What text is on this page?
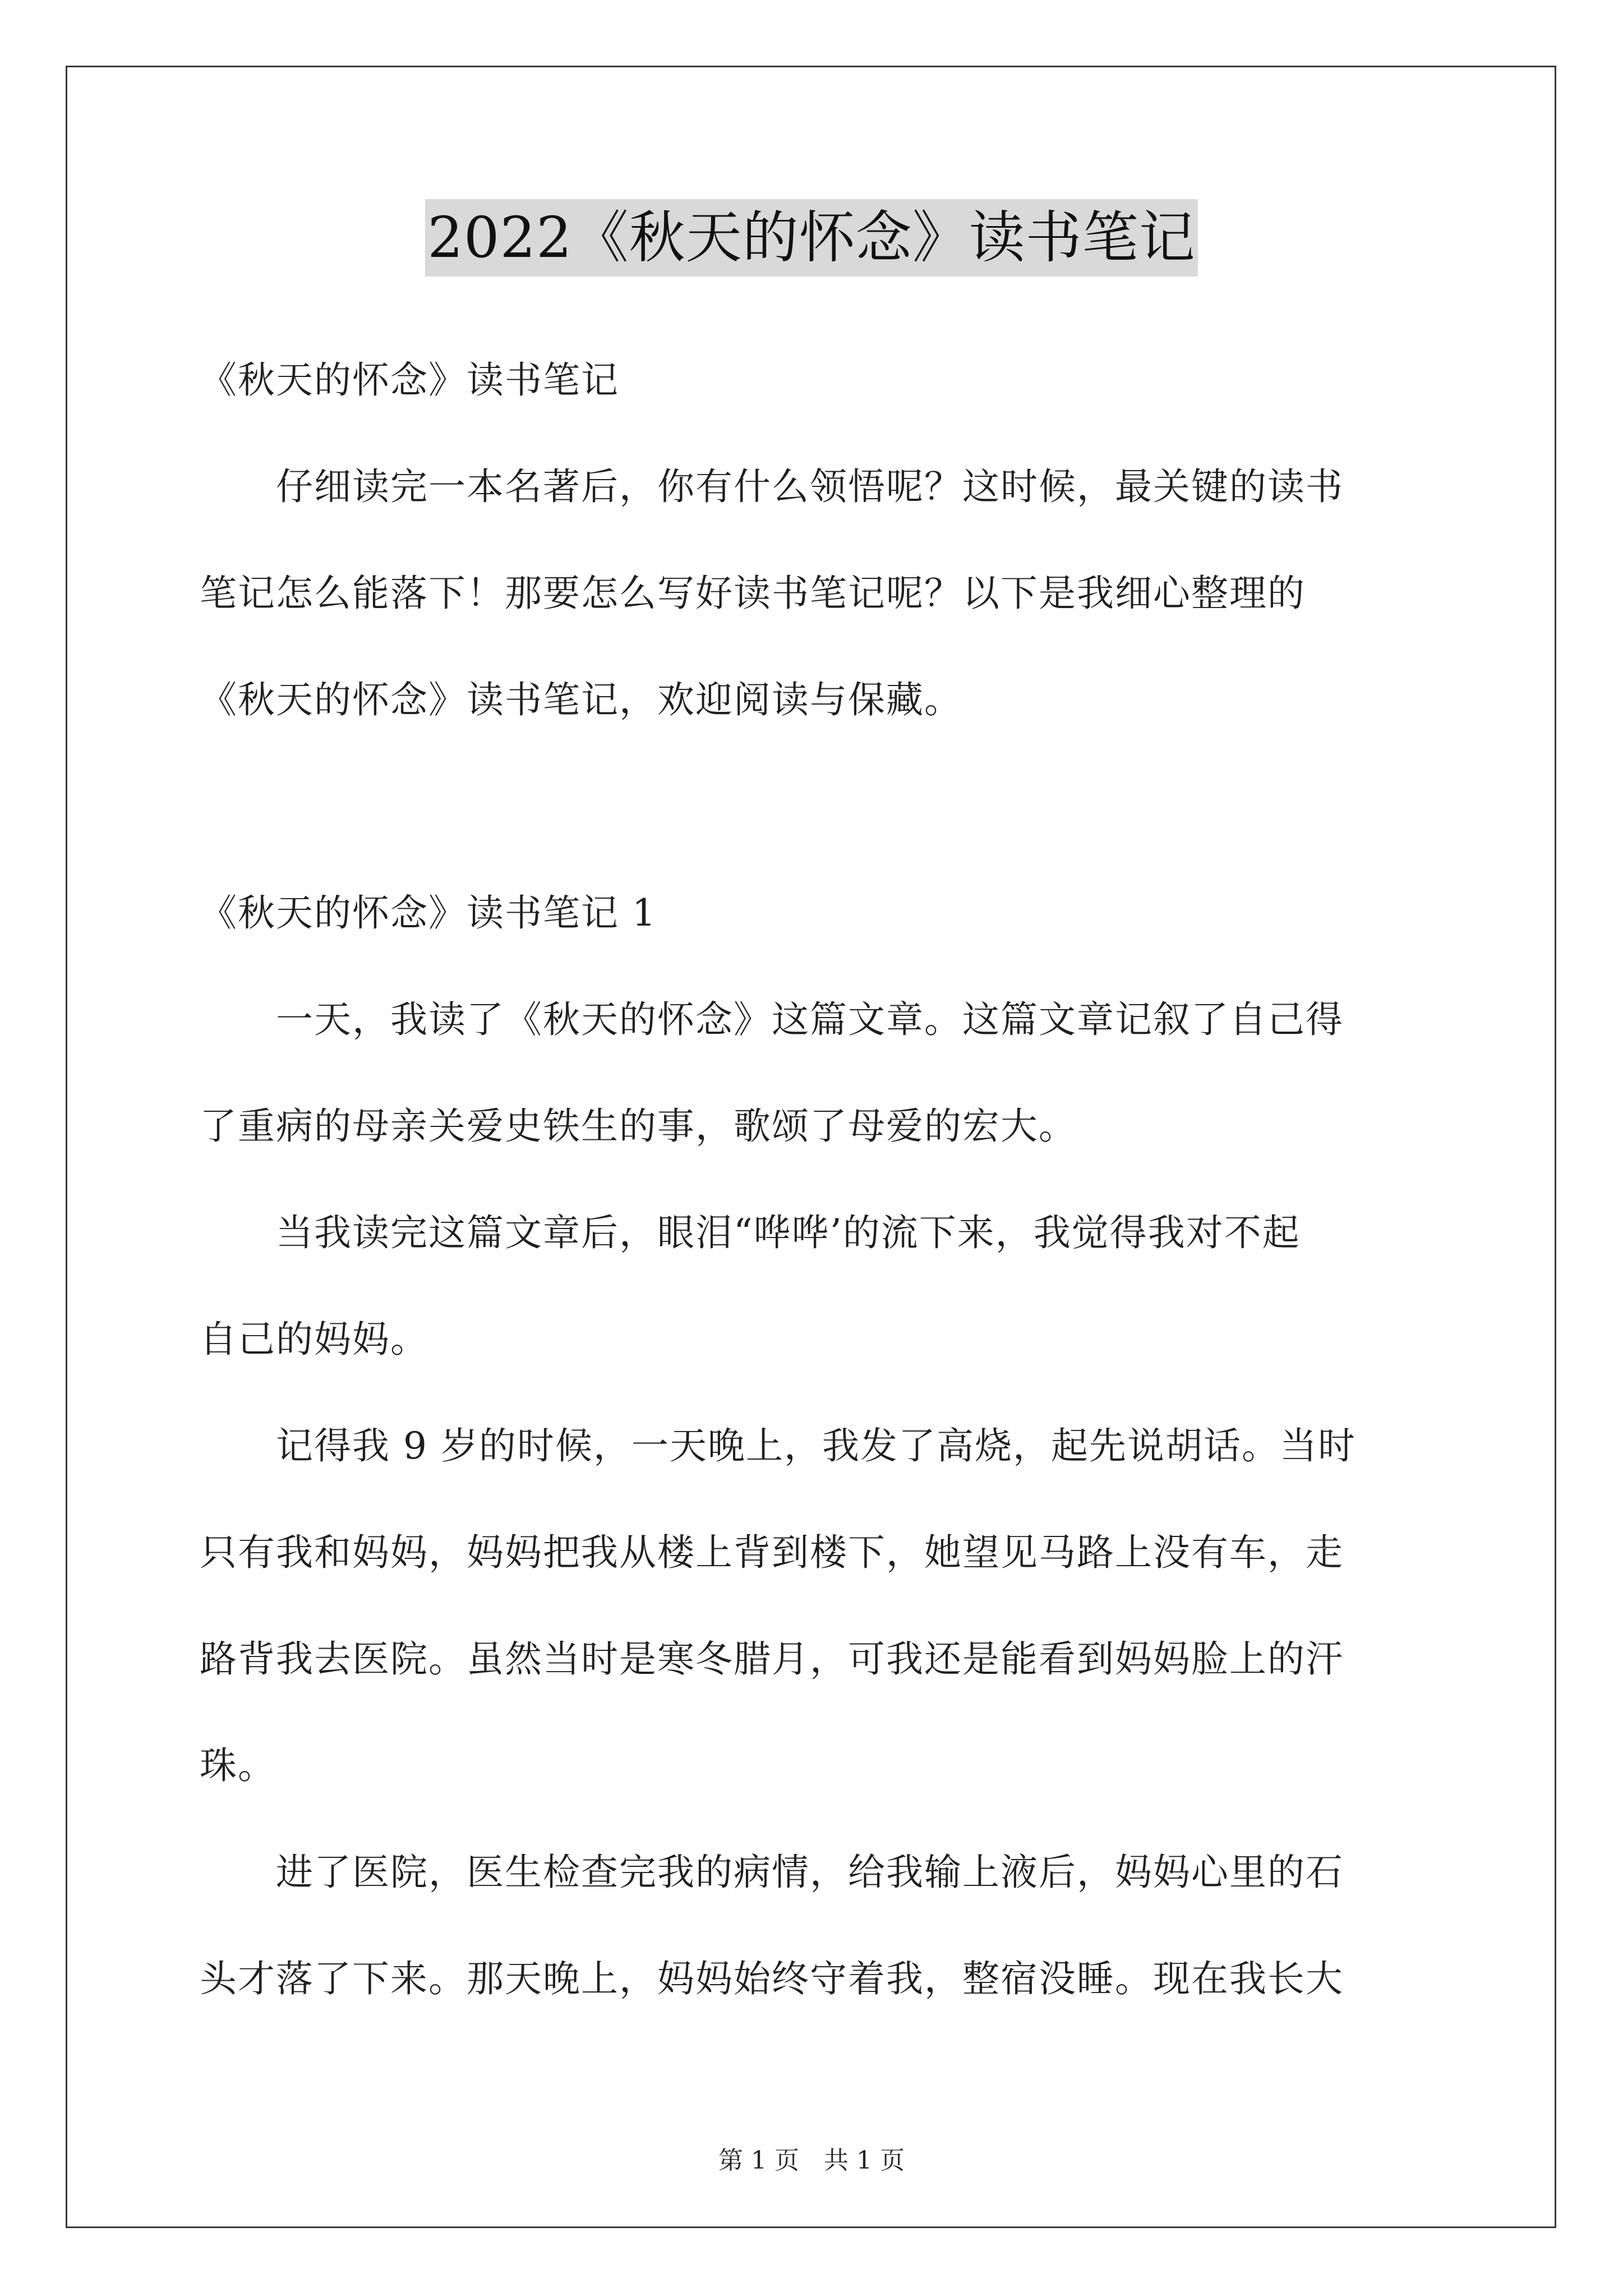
2022《秋天的怀念》读书笔记
《秋天的怀念》读书笔记
　　仔细读完一本名著后，你有什么领悟呢？这时候，最关键的读书
笔记怎么能落下！那要怎么写好读书笔记呢？以下是我细心整理的
《秋天的怀念》读书笔记，欢迎阅读与保藏。
《秋天的怀念》读书笔记 1
　　一天，我读了《秋天的怀念》这篇文章。这篇文章记叙了自己得
了重病的母亲关爱史铁生的事，歌颂了母爱的宏大。
　　当我读完这篇文章后，眼泪“哗哗’的流下来，我觉得我对不起
自己的妈妈。
　　记得我 9 岁的时候，一天晚上，我发了高烧，起先说胡话。当时
只有我和妈妈，妈妈把我从楼上背到楼下，她望见马路上没有车，走
路背我去医院。虽然当时是寒冬腊月，可我还是能看到妈妈脸上的汗
珠。
　　进了医院，医生检查完我的病情，给我输上液后，妈妈心里的石
头才落了下来。那天晚上，妈妈始终守着我，整宿没睡。现在我长大
第 1 页　共 1 页
